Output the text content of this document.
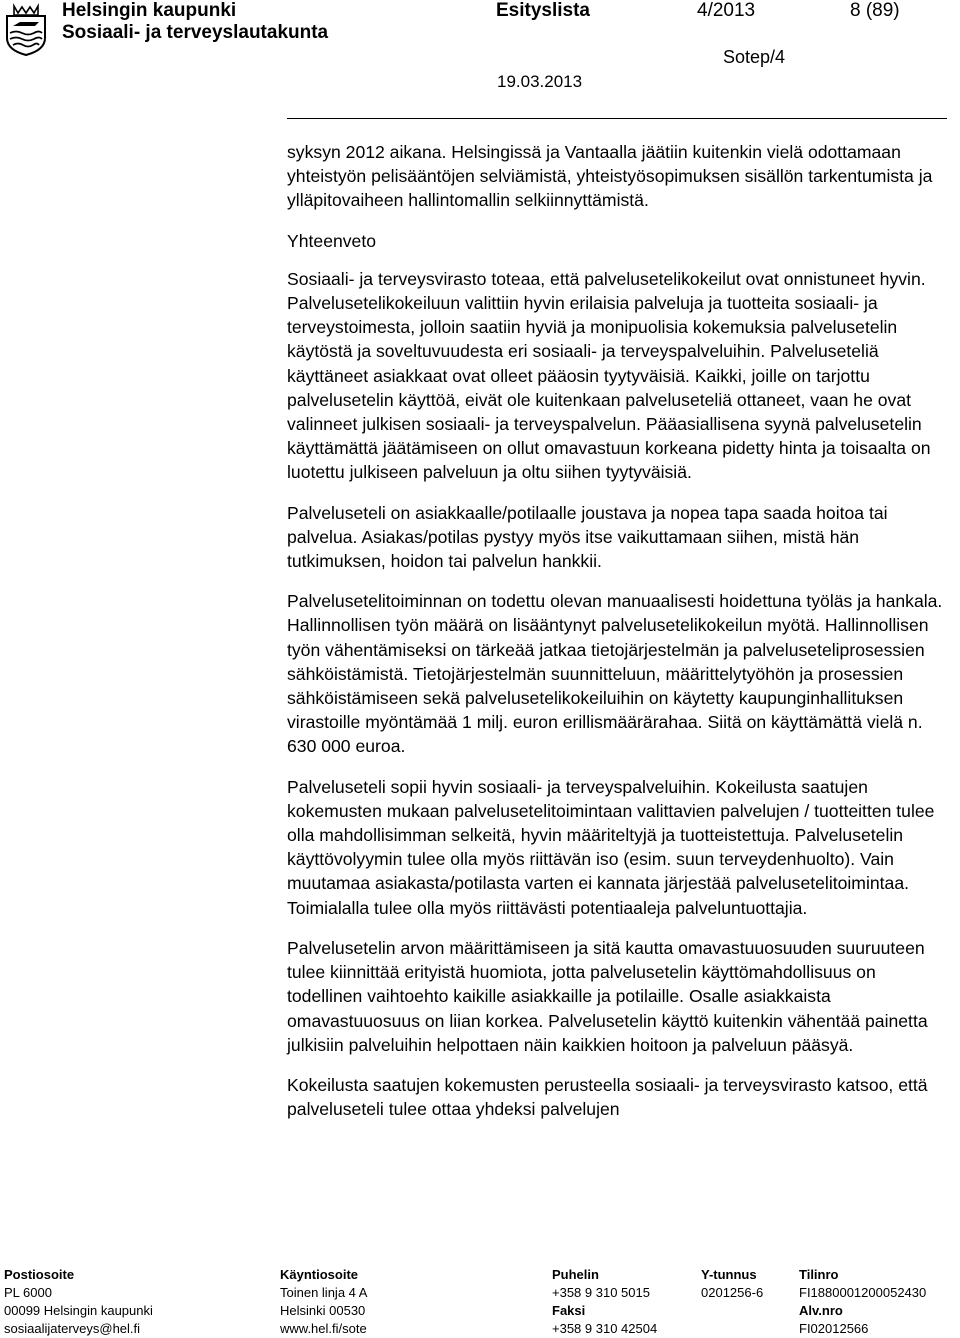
Helsingin kaupunki
Sosiaali- ja terveyslautakunta
Esityslista	4/2013	8 (89)
Sotep/4
19.03.2013

syksyn 2012 aikana. Helsingissä ja Vantaalla jäätiin kuitenkin vielä odottamaan yhteistyön pelisääntöjen selviämistä, yhteistyösopimuksen sisällön tarkentumista ja ylläpitovaiheen hallintomallin selkiinnyttämistä.

Yhteenveto

Sosiaali- ja terveysvirasto toteaa, että palvelusetelikokeilut ovat onnistuneet hyvin. Palvelusetelikokeiluun valittiin hyvin erilaisia palveluja ja tuotteita sosiaali- ja terveystoimesta, jolloin saatiin hyviä ja monipuolisia kokemuksia palvelusetelin käytöstä ja soveltuvuudesta eri sosiaali- ja terveyspalveluihin. Palveluseteliä käyttäneet asiakkaat ovat olleet pääosin tyytyväisiä. Kaikki, joille on tarjottu palvelusetelin käyttöä, eivät ole kuitenkaan palveluseteliä ottaneet, vaan he ovat valinneet julkisen sosiaali- ja terveyspalvelun. Pääasiallisena syynä palvelusetelin käyttämättä jäätämiseen on ollut omavastuun korkeana pidetty hinta ja toisaalta on luotettu julkiseen palveluun ja oltu siihen tyytyväisiä.

Palveluseteli on asiakkaalle/potilaalle joustava ja nopea tapa saada hoitoa tai palvelua. Asiakas/potilas pystyy myös itse vaikuttamaan siihen, mistä hän tutkimuksen, hoidon tai palvelun hankkii.

Palvelusetelitoiminnan on todettu olevan manuaalisesti hoidettuna työläs ja hankala. Hallinnollisen työn määrä on lisääntynyt palvelusetelikokeilun myötä. Hallinnollisen työn vähentämiseksi on tärkeää jatkaa tietojärjestelmän ja palveluseteliprosessien sähköistämistä. Tietojärjestelmän suunnitteluun, määrittelytyöhön ja prosessien sähköistämiseen sekä palvelusetelikokeiluihin on käytetty kaupunginhallituksen virastoille myöntämää 1 milj. euron erillismäärärahaa. Siitä on käyttämättä vielä n. 630 000 euroa.

Palveluseteli sopii hyvin sosiaali- ja terveyspalveluihin. Kokeilusta saatujen kokemusten mukaan palvelusetelitoimintaan valittavien palvelujen / tuotteitten tulee olla mahdollisimman selkeitä, hyvin määriteltyjä ja tuotteistettuja. Palvelusetelin käyttövolyymin tulee olla myös riittävän iso (esim. suun terveydenhuolto). Vain muutamaa asiakasta/potilasta varten ei kannata järjestää palvelusetelitoimintaa. Toimialalla tulee olla myös riittävästi potentiaaleja palveluntuottajia.

Palvelusetelin arvon määrittämiseen ja sitä kautta omavastuuosuuden suuruuteen tulee kiinnittää erityistä huomiota, jotta palvelusetelin käyttömahdollisuus on todellinen vaihtoehto kaikille asiakkaille ja potilaille. Osalle asiakkaista omavastuuosuus on liian korkea. Palvelusetelin käyttö kuitenkin vähentää painetta julkisiin palveluihin helpottaen näin kaikkien hoitoon ja palveluun pääsyä.

Kokeilusta saatujen kokemusten perusteella sosiaali- ja terveysvirasto katsoo, että palveluseteli tulee ottaa yhdeksi palvelujen

Postiosoite
PL 6000
00099 Helsingin kaupunki
sosiaalijaterveys@hel.fi
Käyntiosoite
Toinen linja 4 A
Helsinki 00530
www.hel.fi/sote
Puhelin
+358 9 310 5015
Faksi
+358 9 310 42504
Y-tunnus
0201256-6
Tilinro
FI1880001200052430
Alv.nro
FI02012566
